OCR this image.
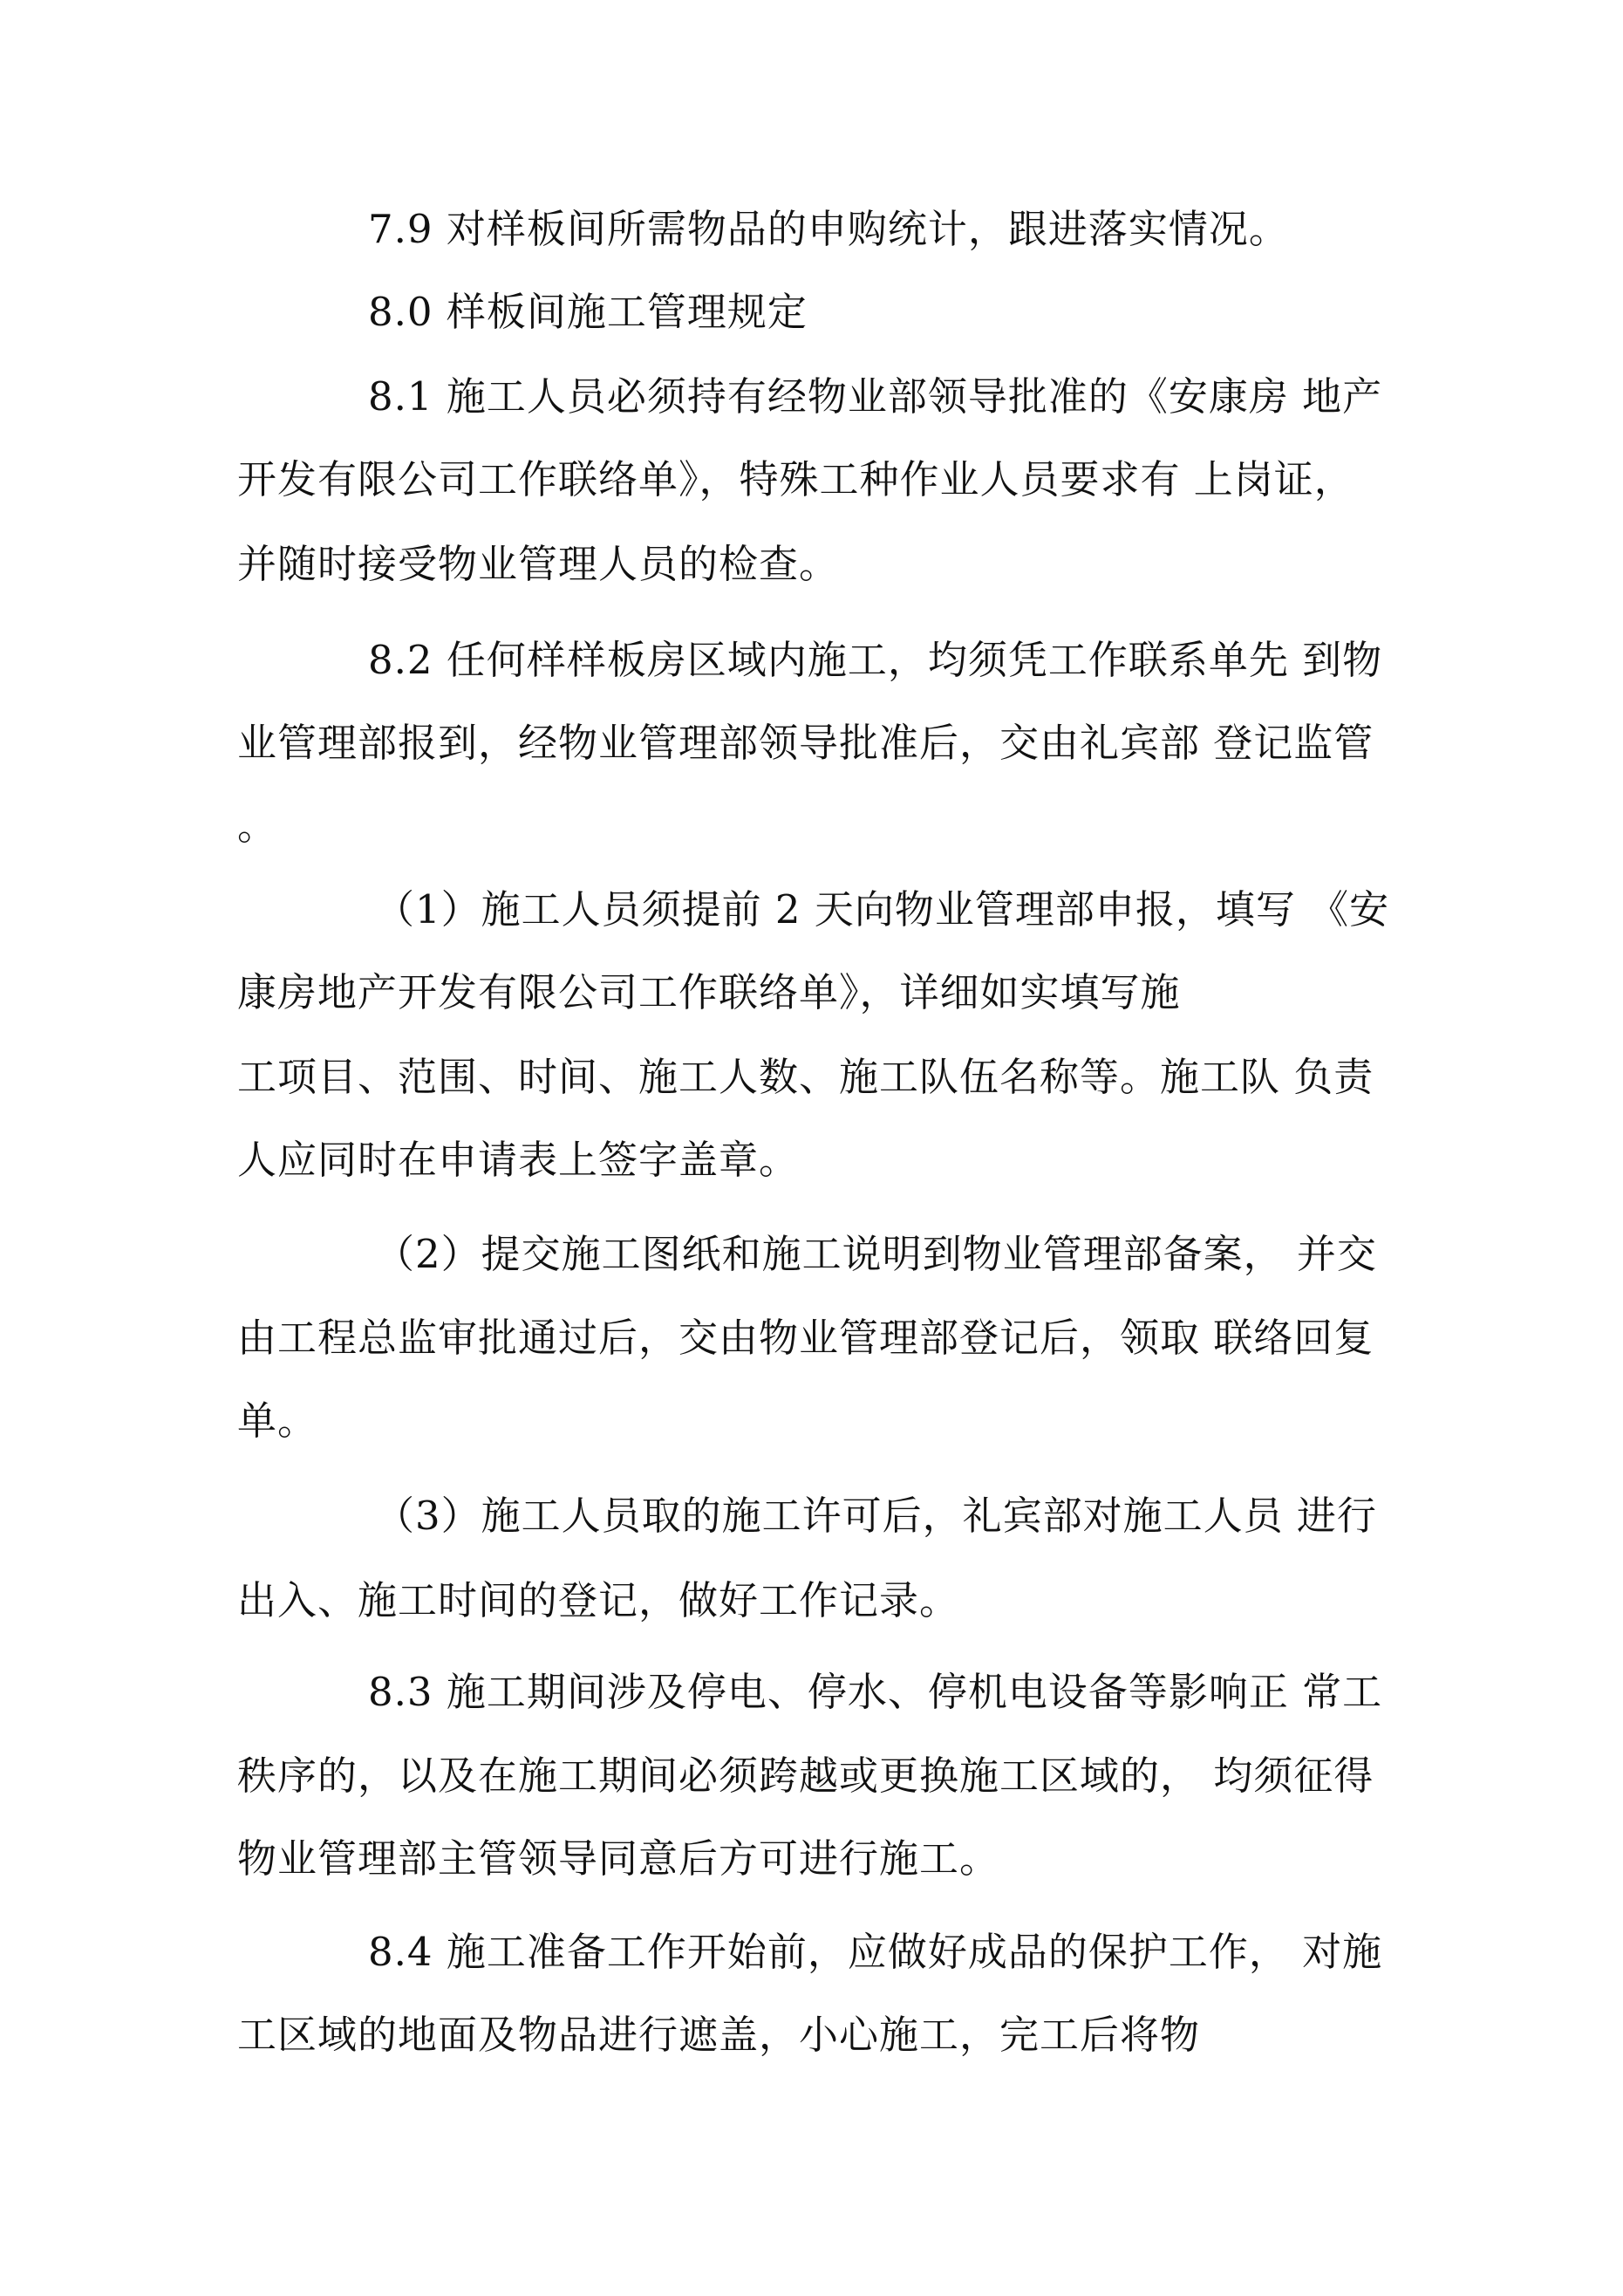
7.9 对样板间所需物品的申购统计，跟进落实情况。
8.0 样板间施工管理规定
8.1 施工人员必须持有经物业部领导批准的《安康房 地产
开发有限公司工作联络单》，特殊工种作业人员要求有 上岗证，
并随时接受物业管理人员的检查。
8.2 任何样样板房区域内施工，均须凭工作联系单先 到物
业管理部报到，经物业管理部领导批准后，交由礼宾部 登记监管
。
（1）施工人员须提前 2 天向物业管理部申报，填写 《安
康房地产开发有限公司工作联络单》，详细如实填写施
工项目、范围、时间、施工人数、施工队伍名称等。施工队 负责
人应同时在申请表上签字盖章。
（2）提交施工图纸和施工说明到物业管理部备案， 并交
由工程总监审批通过后，交由物业管理部登记后，领取 联络回复
单。
（3）施工人员取的施工许可后，礼宾部对施工人员 进行
出入、施工时间的登记，做好工作记录。
8.3 施工期间涉及停电、停水、停机电设备等影响正 常工
秩序的，以及在施工期间必须跨越或更换施工区域的， 均须征得
物业管理部主管领导同意后方可进行施工。
8.4 施工准备工作开始前，应做好成品的保护工作， 对施
工区域的地面及物品进行遮盖，小心施工，完工后将物
